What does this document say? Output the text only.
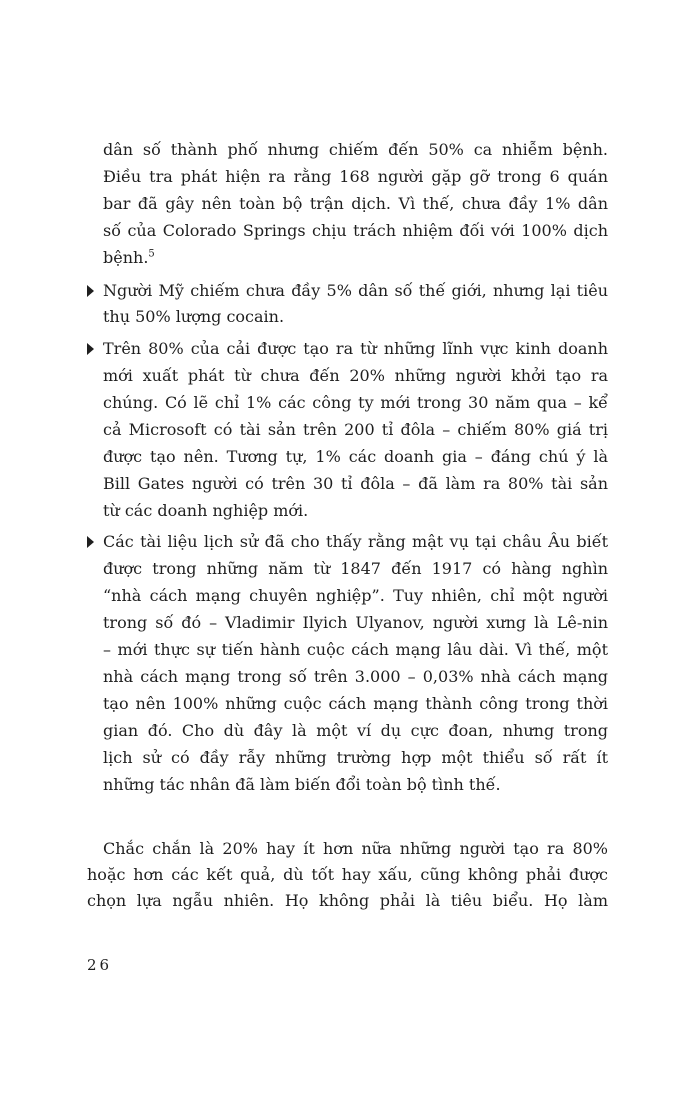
dân số thành phố nhưng chiếm đến 50% ca nhiễm bệnh.
Điều tra phát hiện ra rằng 168 người gặp gỡ trong 6 quán
bar đã gây nên toàn bộ trận dịch. Vì thế, chưa đầy 1% dân
số của Colorado Springs chịu trách nhiệm đối với 100% dịch
bệnh.$^5$
Người Mỹ chiếm chưa đầy 5% dân số thế giới, nhưng lại tiêu
thụ 50% lượng cocain.
Trên 80% của cải được tạo ra từ những lĩnh vực kinh doanh
mới xuất phát từ chưa đến 20% những người khởi tạo ra
chúng. Có lẽ chỉ 1% các công ty mới trong 30 năm qua – kể
cả Microsoft có tài sản trên 200 tỉ đôla – chiếm 80% giá trị
được tạo nên. Tương tự, 1% các doanh gia – đáng chú ý là
Bill Gates người có trên 30 tỉ đôla – đã làm ra 80% tài sản
từ các doanh nghiệp mới.
Các tài liệu lịch sử đã cho thấy rằng mật vụ tại châu Âu biết
được trong những năm từ 1847 đến 1917 có hàng nghìn
“nhà cách mạng chuyên nghiệp”. Tuy nhiên, chỉ một người
trong số đó – Vladimir Ilyich Ulyanov, người xưng là Lê-nin
– mới thực sự tiến hành cuộc cách mạng lâu dài. Vì thế, một
nhà cách mạng trong số trên 3.000 – 0,03% nhà cách mạng
tạo nên 100% những cuộc cách mạng thành công trong thời
gian đó. Cho dù đây là một ví dụ cực đoan, nhưng trong
lịch sử có đầy rẫy những trường hợp một thiểu số rất ít
những tác nhân đã làm biến đổi toàn bộ tình thế.
Chắc chắn là 20% hay ít hơn nữa những người tạo ra 80%
hoặc hơn các kết quả, dù tốt hay xấu, cũng không phải được
chọn lựa ngẫu nhiên. Họ không phải là tiêu biểu. Họ làm
26
